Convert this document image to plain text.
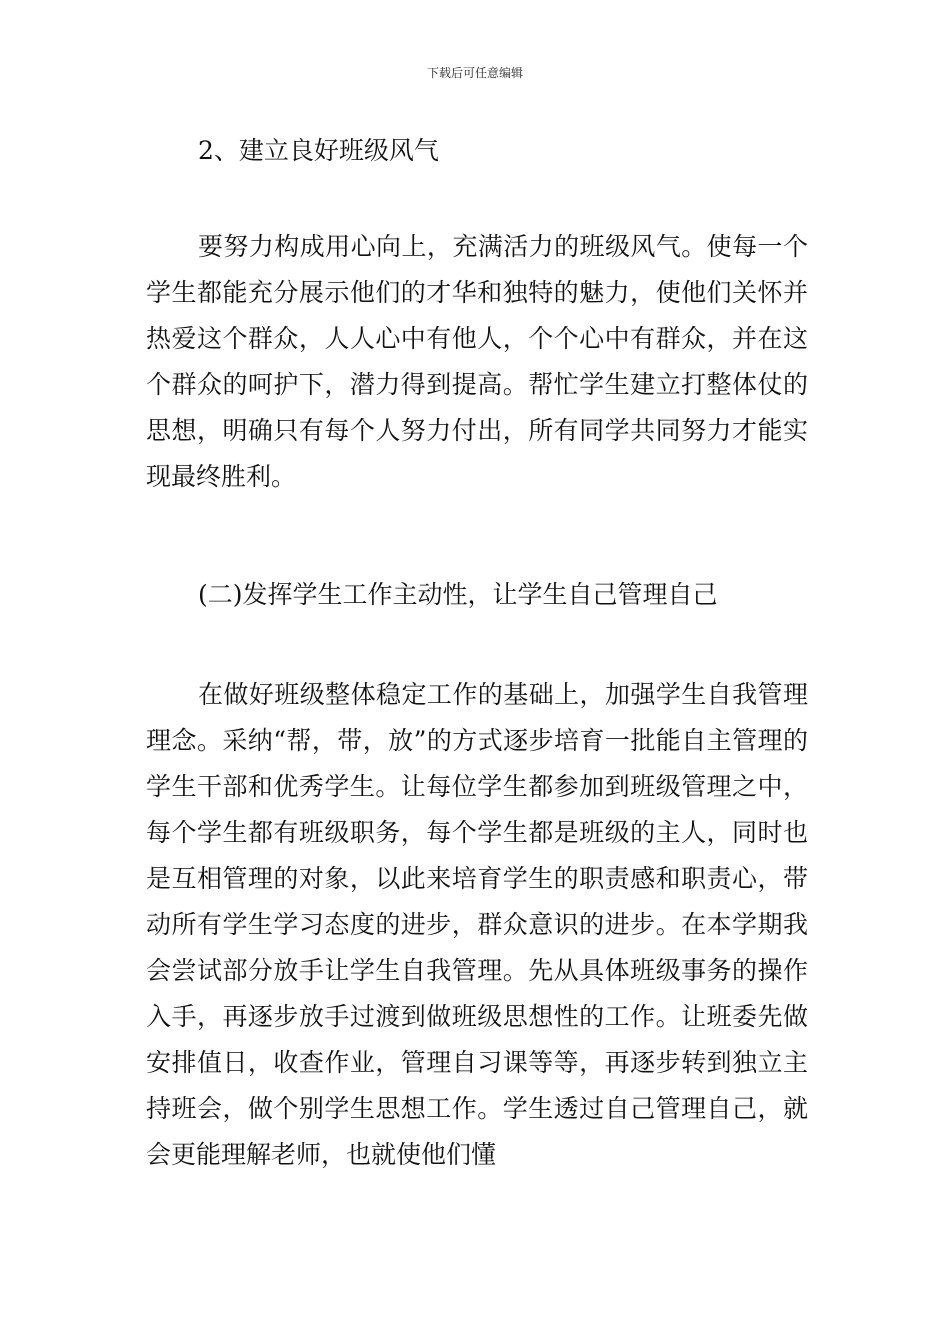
下载后可任意编辑
2、建立良好班级风气
要努力构成用心向上，充满活力的班级风气。使每一个学生都能充分展示他们的才华和独特的魅力，使他们关怀并热爱这个群众，人人心中有他人，个个心中有群众，并在这个群众的呵护下，潜力得到提高。帮忙学生建立打整体仗的思想，明确只有每个人努力付出，所有同学共同努力才能实现最终胜利。
(二)发挥学生工作主动性，让学生自己管理自己
在做好班级整体稳定工作的基础上，加强学生自我管理理念。采纳“帮，带，放”的方式逐步培育一批能自主管理的学生干部和优秀学生。让每位学生都参加到班级管理之中，每个学生都有班级职务，每个学生都是班级的主人，同时也是互相管理的对象，以此来培育学生的职责感和职责心，带动所有学生学习态度的进步，群众意识的进步。在本学期我会尝试部分放手让学生自我管理。先从具体班级事务的操作入手，再逐步放手过渡到做班级思想性的工作。让班委先做安排值日，收查作业，管理自习课等等，再逐步转到独立主持班会，做个别学生思想工作。学生透过自己管理自己，就会更能理解老师，也就使他们懂
